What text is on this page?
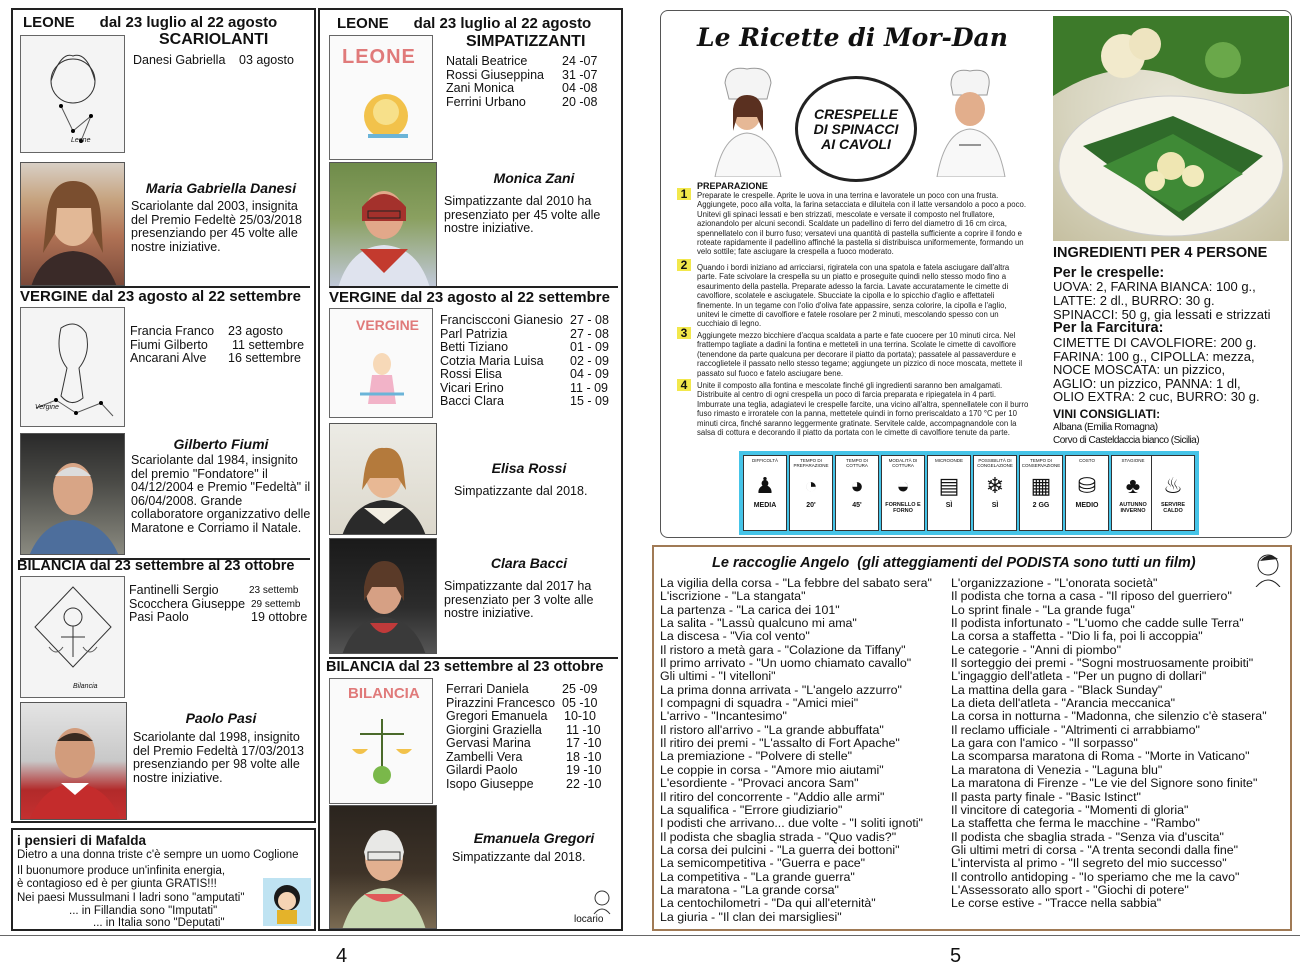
LEONE      dal 23 luglio al 22 agosto
SCARIOLANTI
Leone
Danesi Gabriella 03 agosto
Maria Gabriella Danesi
Scariolante dal 2003, insignita del Premio Fedeltè 25/03/2018 presenziando per 45 volte alle nostre iniziative.
VERGINE dal 23 agosto al 22 settembre
Vergine
Francia Franco	23 agosto
Fiumi Gilberto	11 settembre
Ancarani Alve	16 settembre
Gilberto Fiumi
Scariolante dal 1984, insignito del premio "Fondatore" il 04/12/2004 e Premio "Fedeltà" il 06/04/2008. Grande collaboratore organizzativo delle Maratone e Corriamo il Natale.
BILANCIA dal 23 settembre al 23 ottobre
Bilancia
Fantinelli Sergio	23 settemb
Scocchera Giuseppe 29 settemb
Pasi Paolo	19 ottobre
Paolo Pasi
Scariolante dal 1998, insignito del Premio Fedeltà 17/03/2013 presenziando per 98 volte alle nostre iniziative.
i pensieri di Mafalda
Dietro a una donna triste c'è sempre un uomo Coglione
Il buonumore produce un'infinita energia,
è contagioso ed è per giunta GRATIS!!!
Nei paesi Mussulmani I ladri sono "amputati"
... in Fillandia sono "Imputati"
... in Italia sono "Deputati"
LEONE      dal 23 luglio al 22 agosto
SIMPATIZZANTI
LEONE Natali Beatrice	24 -07
Rossi Giuseppina	31 -07
Zani Monica	04 -08
Ferrini Urbano	20 -08
Monica Zani
Simpatizzante dal 2010 ha presenziato per 45 volte alle nostre iniziative.
VERGINE dal 23 agosto al 22 settembre
VERGINE Franciscconi Gianesio 27 - 08
Parl Patrizia	27 - 08
Betti Tiziano	01 - 09
Cotzia Maria Luisa	02 - 09
Rossi Elisa	04 - 09
Vicari Erino	11 - 09
Bacci Clara	15 - 09
Elisa Rossi
Simpatizzante dal 2018.
Clara Bacci
Simpatizzante dal 2017 ha presenziato per 3 volte alle nostre iniziative.
BILANCIA dal 23 settembre al 23 ottobre
BILANCIA Ferrari Daniela	25 -09
Pirazzini Francesco 05 -10
Gregori Emanuela	10-10
Giorgini Graziella	11 -10
Gervasi Marina	17 -10
Zambelli Vera	18 -10
Gilardi Paolo	19 -10
Isopo Giuseppe	22 -10
Emanuela Gregori
Simpatizzante dal 2018.
locario
4	5
Le Ricette di Mor-Dan
CRESPELLE DI SPINACCI AI CAVOLI
PREPARAZIONE
1	Preparate le crespelle. Aprite le uova in una terrina e lavoratele un poco con una frusta. Aggiungete, poco alla volta, la farina setacciata e diluitela con il latte versandolo a poco a poco. Unitevi gli spinaci lessati e ben strizzati, mescolate e versate il composto nel frullatore, azionandolo per alcuni secondi. Scaldate un padellino di ferro del diametro di 16 cm circa, spennellatelo con il burro fuso; versatevi una quantità di pastella sufficiente a coprire il fondo e roteate rapidamente il padellino affinché la pastella si distribuisca uniformemente, formando un velo sottile; fate asciugare la crespella a fuoco moderato.
2	Quando i bordi iniziano ad arricciarsi, rigiratela con una spatola e fatela asciugare dall'altra parte. Fate scivolare la crespella su un piatto e proseguite quindi nello stesso modo fino a esaurimento della pastella. Preparate adesso la farcia. Lavate accuratamente le cimette di cavolfiore, scolatele e asciugatele. Sbucciate la cipolla e lo spicchio d'aglio e affettateli finemente. In un tegame con l'olio d'oliva fate appassire, senza colorire, la cipolla e l'aglio, unitevi le cimette di cavolfiore e fatele rosolare per 2 minuti, mescolando spesso con un cucchiaio di legno.
3	Aggiungete mezzo bicchiere d'acqua scaldata a parte e fate cuocere per 10 minuti circa. Nel frattempo tagliate a dadini la fontina e metteteli in una terrina. Scolate le cimette di cavolfiore (tenendone da parte qualcuna per decorare il piatto da portata); passatele al passaverdure e raccoglietele il passato nello stesso tegame; aggiungete un pizzico di noce moscata, mettete il passato sul fuoco e fatelo asciugare bene.
4	Unite il composto alla fontina e mescolate finché gli ingredienti saranno ben amalgamati. Distribuite al centro di ogni crespella un poco di farcia preparata e ripiegatela in 4 parti. Imburrate una teglia, adagiatevi le crespelle farcite, una vicino all'altra, spennellatele con il burro fuso rimasto e irroratele con la panna, mettetele quindi in forno preriscaldato a 170 °C per 10 minuti circa, finché saranno leggermente gratinate. Servitele calde, accompagnandole con la salsa di cottura e decorando il piatto da portata con le cimette di cavolfiore tenute da parte.
INGREDIENTI PER 4 PERSONE
Per le crespelle:
UOVA: 2, FARINA BIANCA: 100 g.,
LATTE: 2 dl., BURRO: 30 g.
SPINACCI: 50 g, gia lessati e strizzati
Per la Farcitura:
CIMETTE DI CAVOLFIORE: 200 g.
FARINA: 100 g., CIPOLLA: mezza,
NOCE MOSCATA: un pizzico,
AGLIO: un pizzico, PANNA: 1 dl,
OLIO EXTRA: 2 cuc, BURRO: 30 g.
VINI CONSIGLIATI:
Albana (Emilia Romagna)
Corvo di Casteldaccia bianco (Sicilia)
DIFFICOLTÀ
♟
MEDIA
TEMPO DI PREPARAZIONE
◔
20'
TEMPO DI COTTURA
◕
45'
MODALITÀ DI COTTURA
◒
FORNELLO E FORNO
MICROONDE
▤
SÌ
POSSIBILITÀ DI CONGELAZIONE
❄
SÌ
TEMPO DI CONSERVAZIONE
▦
2 GG
COSTO
⛁
MEDIO
STAGIONE
♣
AUTUNNO INVERNO
♨
SERVIRE CALDO
Le raccoglie Angelo  (gli atteggiamenti del PODISTA sono tutti un film)
La vigilia della corsa - "La febbre del sabato sera"
L'iscrizione - "La stangata"
La partenza - "La carica dei 101"
La salita - "Lassù qualcuno mi ama"
La discesa - "Via col vento"
Il ristoro a metà gara - "Colazione da Tiffany"
Il primo arrivato - "Un uomo chiamato cavallo"
Gli ultimi - "I vitelloni"
La prima donna arrivata - "L'angelo azzurro"
I compagni di squadra - "Amici miei"
L'arrivo - "Incantesimo"
Il ristoro all'arrivo - "La grande abbuffata"
Il ritiro dei premi - "L'assalto di Fort Apache"
La premiazione - "Polvere di stelle"
Le coppie in corsa - "Amore mio aiutami"
L'esordiente - "Provaci ancora Sam"
Il ritiro del concorrente - "Addio alle armi"
La squalifica - "Errore giudiziario"
I podisti che arrivano... due volte - "I soliti ignoti"
Il podista che sbaglia strada - "Quo vadis?"
La corsa dei pulcini - "La guerra dei bottoni"
La semicompetitiva - "Guerra e pace"
La competitiva - "La grande guerra"
La maratona - "La grande corsa"
La centochilometri - "Da qui all'eternità"
La giuria - "Il clan dei marsigliesi"
L'organizzazione - "L'onorata società"
Il podista che torna a casa - "Il riposo del guerriero"
Lo sprint finale - "La grande fuga"
Il podista infortunato - "L'uomo che cadde sulle Terra"
La corsa a staffetta - "Dio li fa, poi li accoppia"
Le categorie - "Anni di piombo"
Il sorteggio dei premi - "Sogni mostruosamente proibiti"
L'ingaggio dell'atleta - "Per un pugno di dollari"
La mattina della gara - "Black Sunday"
La dieta dell'atleta - "Arancia meccanica"
La corsa in notturna - "Madonna, che silenzio c'è stasera"
Il reclamo ufficiale - "Altrimenti ci arrabbiamo"
La gara con l'amico - "Il sorpasso"
La scomparsa maratona di Roma - "Morte in Vaticano"
La maratona di Venezia - "Laguna blu"
La maratona di Firenze - "Le vie del Signore sono finite"
Il pasta party finale - "Basic Istinct"
Il vincitore di categoria - "Momenti di gloria"
La staffetta che ferma le macchine - "Rambo"
Il podista che sbaglia strada - "Senza via d'uscita"
Gli ultimi metri di corsa - "A trenta secondi dalla fine"
L'intervista al primo - "Il segreto del mio successo"
Il controllo antidoping - "Io speriamo che me la cavo"
L'Assessorato allo sport - "Giochi di potere"
Le corse estive - "Tracce nella sabbia"
